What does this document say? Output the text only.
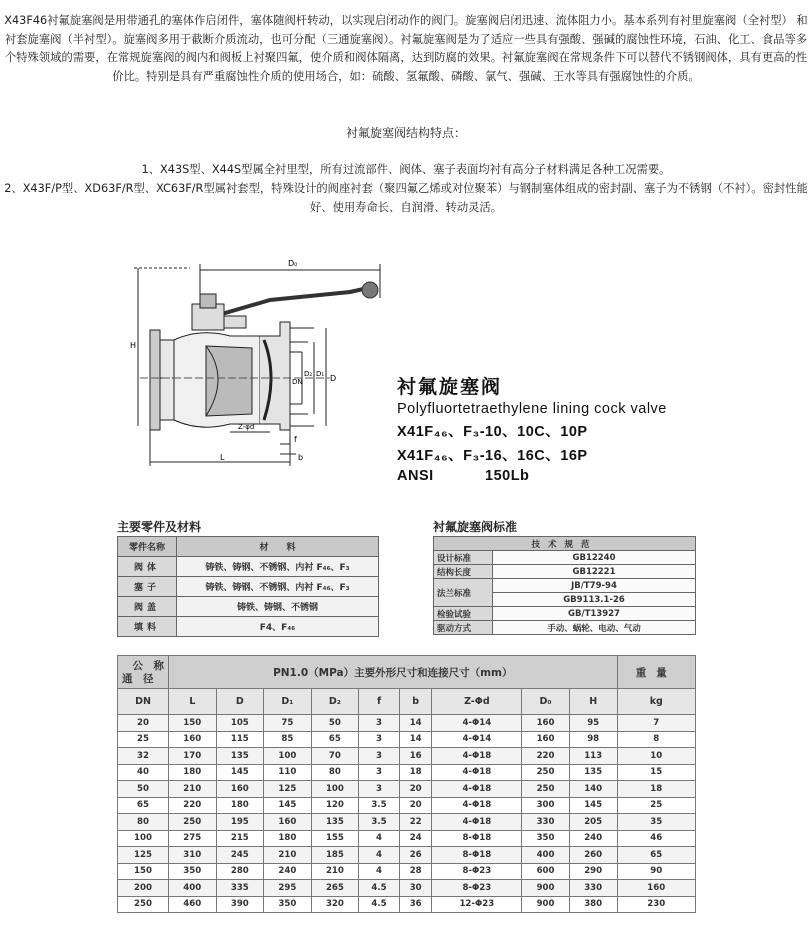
X43F46衬氟旋塞阀是用带通孔的塞体作启闭件，塞体随阀杆转动，以实现启闭动作的阀门。旋塞阀启闭迅速、流体阻力小。基本系列有衬里旋塞阀（全衬型） 和衬套旋塞阀（半衬型）。旋塞阀多用于截断介质流动，也可分配（三通旋塞阀）。衬氟旋塞阀是为了适应一些具有强酸、强碱的腐蚀性环境，石油、化工、食品等多个特殊领域的需要，在常规旋塞阀的阀内和阀板上衬聚四氟，使介质和阀体隔离，达到防腐的效果。衬氟旋塞阀在常规条件下可以替代不锈钢阀体，具有更高的性价比。特别是具有严重腐蚀性介质的使用场合，如：硫酸、氢氟酸、磷酸、氯气、强碱、王水等具有强腐蚀性的介质。

衬氟旋塞阀结构特点：

1、X43S型、X44S型属全衬里型，所有过流部件、阀体、塞子表面均衬有高分子材料满足各种工况需要。

2、X43F/P型、XD63F/R型、XC63F/R型属衬套型，特殊设计的阀座衬套（聚四氟乙烯或对位聚苯）与钢制塞体组成的密封副、塞子为不锈钢（不衬）。密封性能好、使用寿命长、自润滑、转动灵活。

D₀
H
L
f
b
Z-φd
D
D₁
D₂
DN	衬氟旋塞阀

Polyfluortetraethylene lining cock valve

X41F₄₆、F₃-10、10C、10P

X41F₄₆、F₃-16、16C、16P

ANSI	150Lb

主要零件及材料

零件名称	材　　料
阀体	铸铁、铸钢、不锈钢、内衬 F₄₆、F₃
塞子	铸铁、铸钢、不锈钢、内衬 F₄₆、F₃
阀盖	铸铁、铸钢、不锈钢
填料	F4、F₄₆

衬氟旋塞阀标准

技术规范	
设计标准	GB12240
结构长度	GB12221
法兰标准	JB/T79-94
	GB9113.1-26
检验试验	GB/T13927
驱动方式	手动、蜗轮、电动、气动
公　称
通　径	PN1.0（MPa）主要外形尺寸和连接尺寸（mm）									重量
DN	L	D	D₁	D₂	f	b	Z-Φd	D₀	H	kg
20	150	105	75	50	3	14	4-Φ14	160	95	7
25	160	115	85	65	3	14	4-Φ14	160	98	8
32	170	135	100	70	3	16	4-Φ18	220	113	10
40	180	145	110	80	3	18	4-Φ18	250	135	15
50	210	160	125	100	3	20	4-Φ18	250	140	18
65	220	180	145	120	3.5	20	4-Φ18	300	145	25
80	250	195	160	135	3.5	22	4-Φ18	330	205	35
100	275	215	180	155	4	24	8-Φ18	350	240	46
125	310	245	210	185	4	26	8-Φ18	400	260	65
150	350	280	240	210	4	28	8-Φ23	600	290	90
200	400	335	295	265	4.5	30	8-Φ23	900	330	160
250	460	390	350	320	4.5	36	12-Φ23	900	380	230
